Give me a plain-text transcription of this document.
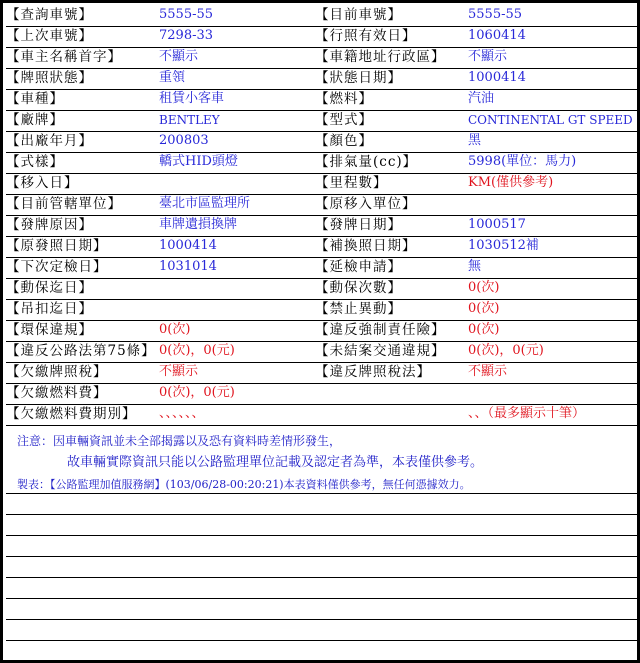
【查詢車號】	5555-55	【目前車號】	5555-55
【上次車號】	7298-33	【行照有效日】	1060414
【車主名稱首字】	不顯示	【車籍地址行政區】 不顯示
【牌照狀態】	重領	【狀態日期】	1000414
【車種】	租賃小客車	【燃料】	汽油
【廠牌】	BENTLEY	【型式】	CONTINENTAL GT SPEED
【出廠年月】	200803	【顏色】	黑
【式樣】	轎式HID頭燈	【排氣量(cc)】	5998(單位：馬力)
【移入日】	【里程數】	KM(僅供參考)
【目前管轄單位】	臺北市區監理所	【原移入單位】
【發牌原因】	車牌遺損換牌	【發牌日期】	1000517
【原發照日期】	1000414	【補換照日期】	1030512補
【下次定檢日】	1031014	【延檢申請】	無
【動保迄日】	【動保次數】	0(次)
【吊扣迄日】	【禁止異動】	0(次)
【環保違規】	0(次)	【違反強制責任險】 0(次)
【違反公路法第75條】 0(次)，0(元)	【未結案交通違規】 0(次)，0(元)
【欠繳牌照稅】	不顯示	【違反牌照稅法】	不顯示
【欠繳燃料費】	0(次)，0(元)
【欠繳燃料費期別】 、、、、、、	、、（最多顯示十筆）
注意：因車輛資訊並未全部揭露以及恐有資料時差情形發生，
故車輛實際資訊只能以公路監理單位記載及認定者為準，本表僅供參考。
製表：【公路監理加值服務網】(103/06/28-00:20:21)本表資料僅供參考，無任何憑據效力。
